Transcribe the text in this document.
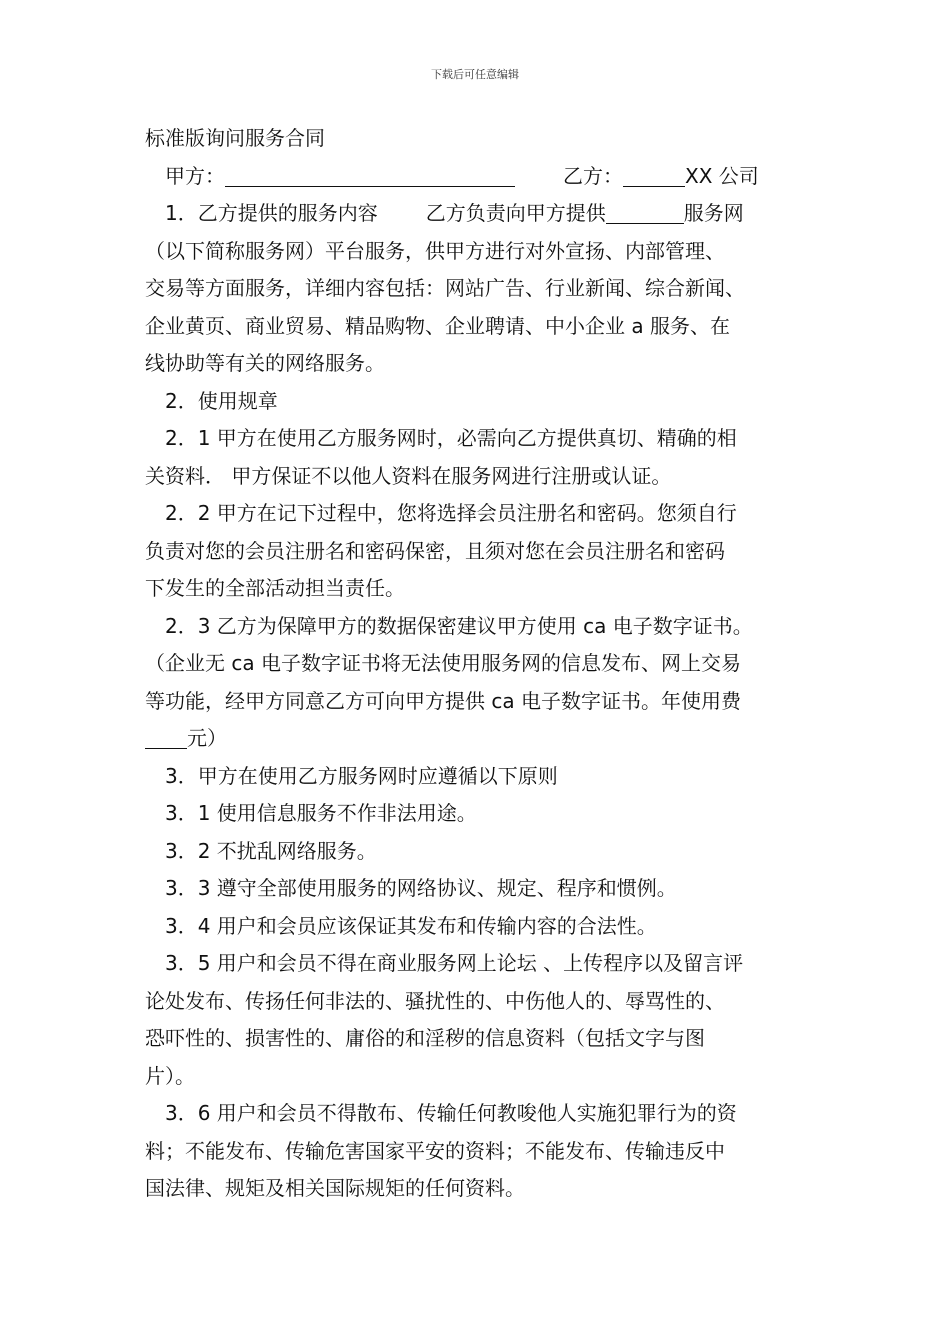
下载后可任意编辑
标准版询问服务合同
甲方：	乙方：	XX 公司
1．乙方提供的服务内容 乙方负责向甲方提供	服务网
（以下简称服务网）平台服务，供甲方进行对外宣扬、内部管理、
交易等方面服务，详细内容包括：网站广告、行业新闻、综合新闻、
企业黄页、商业贸易、精品购物、企业聘请、中小企业 a 服务、在
线协助等有关的网络服务。
2．使用规章
2．1 甲方在使用乙方服务网时，必需向乙方提供真切、精确的相
关资料． 甲方保证不以他人资料在服务网进行注册或认证。
2．2 甲方在记下过程中，您将选择会员注册名和密码。您须自行
负责对您的会员注册名和密码保密，且须对您在会员注册名和密码
下发生的全部活动担当责任。
2．3 乙方为保障甲方的数据保密建议甲方使用 ca 电子数字证书。
（企业无 ca 电子数字证书将无法使用服务网的信息发布、网上交易
等功能，经甲方同意乙方可向甲方提供 ca 电子数字证书。年使用费
元）
3．甲方在使用乙方服务网时应遵循以下原则
3．1 使用信息服务不作非法用途。
3．2 不扰乱网络服务。
3．3 遵守全部使用服务的网络协议、规定、程序和惯例。
3．4 用户和会员应该保证其发布和传输内容的合法性。
3．5 用户和会员不得在商业服务网上论坛 、上传程序以及留言评
论处发布、传扬任何非法的、骚扰性的、中伤他人的、辱骂性的、
恐吓性的、损害性的、庸俗的和淫秽的信息资料（包括文字与图
片）。
3．6 用户和会员不得散布、传输任何教唆他人实施犯罪行为的资
料；不能发布、传输危害国家平安的资料；不能发布、传输违反中
国法律、规矩及相关国际规矩的任何资料。
